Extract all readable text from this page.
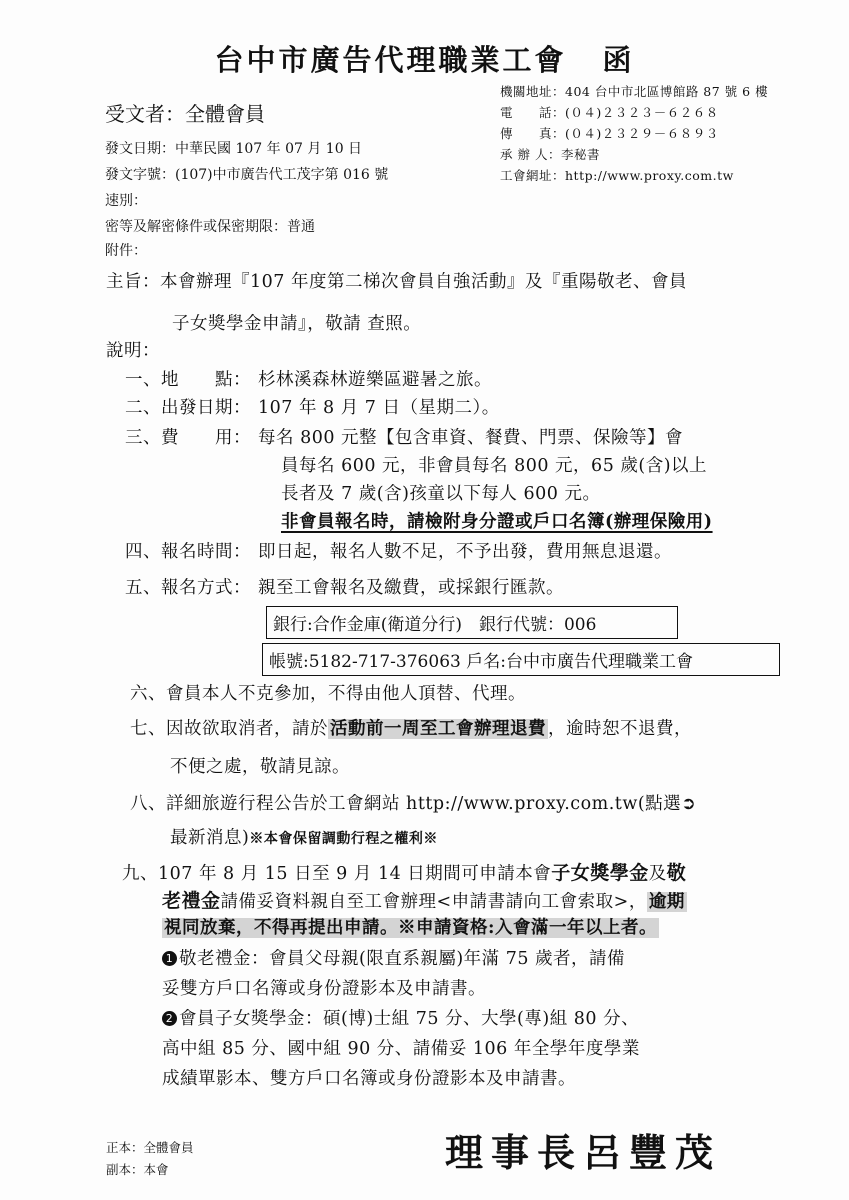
台中市廣告代理職業工會 函
受文者：全體會員
發文日期：中華民國 107 年 07 月 10 日
發文字號：(107)中市廣告代工茂字第 016 號
速別：
密等及解密條件或保密期限：普通
附件：
機關地址：404 台中市北區博館路 87 號 6 樓
電　　話：(０４)２３２３－６２６８
傳　　真：(０４)２３２９－６８９３
承 辦 人：李秘書
工會網址：http://www.proxy.com.tw
主旨：本會辦理『107 年度第二梯次會員自強活動』及『重陽敬老、會員
子女獎學金申請』，敬請 查照。
說明：
一、地　　點： 杉林溪森林遊樂區避暑之旅。
二、出發日期： 107 年 8 月 7 日（星期二）。
三、費　　用： 每名 800 元整【包含車資、餐費、門票、保險等】會
員每名 600 元，非會員每名 800 元，65 歲(含)以上
長者及 7 歲(含)孩童以下每人 600 元。
非會員報名時，請檢附身分證或戶口名簿(辦理保險用)
四、報名時間： 即日起，報名人數不足，不予出發，費用無息退還。
五、報名方式： 親至工會報名及繳費，或採銀行匯款。
銀行:合作金庫(衛道分行)　銀行代號：006
帳號:5182-717-376063 戶名:台中市廣告代理職業工會
六、會員本人不克參加，不得由他人頂替、代理。
七、因故欲取消者，請於 活動前一周至工會辦理退費 ，逾時恕不退費，
不便之處，敬請見諒。
八、詳細旅遊行程公告於工會網站 http://www.proxy.com.tw(點選➲
最新消息)※本會保留調動行程之權利※
九、107 年 8 月 15 日至 9 月 14 日期間可申請本會子女獎學金及敬
老禮金請備妥資料親自至工會辦理<申請書請向工會索取>， 逾期
視同放棄，不得再提出申請。※申請資格:入會滿一年以上者。
1 敬老禮金：會員父母親(限直系親屬)年滿 75 歲者，請備
妥雙方戶口名簿或身份證影本及申請書。
2 會員子女獎學金：碩(博)士組 75 分、大學(專)組 80 分、
高中組 85 分、國中組 90 分、請備妥 106 年全學年度學業
成績單影本、雙方戶口名簿或身份證影本及申請書。
正本：全體會員
副本：本會	理事長呂豐茂
